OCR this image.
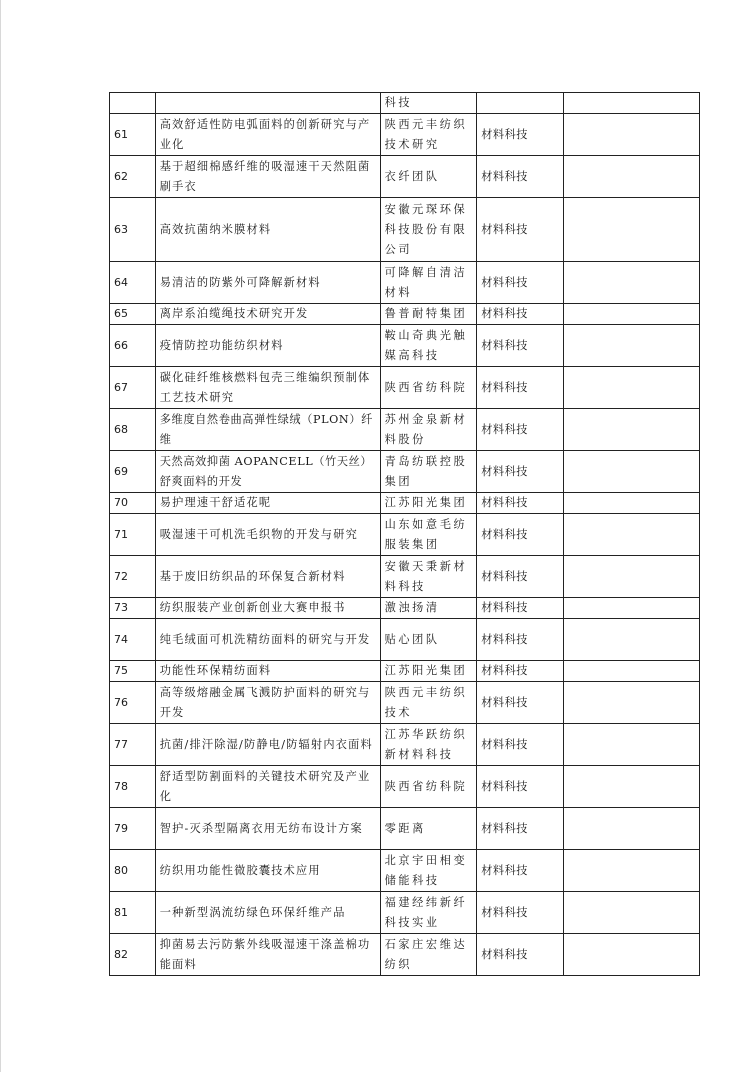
		科技		
61	高效舒适性防电弧面料的创新研究与产业化	陕西元丰纺织技术研究	材料科技	
62	基于超细棉感纤维的吸湿速干天然阻菌刷手衣	衣纤团队	材料科技	
63	高效抗菌纳米膜材料	安徽元琛环保科技股份有限公司	材料科技	
64	易清洁的防紫外可降解新材料	可降解自清洁材料	材料科技	
65	离岸系泊缆绳技术研究开发	鲁普耐特集团	材料科技	
66	疫情防控功能纺织材料	鞍山奇典光触媒高科技	材料科技	
67	碳化硅纤维核燃料包壳三维编织预制体工艺技术研究	陕西省纺科院	材料科技	
68	多维度自然卷曲高弹性绿绒（PLON）纤维	苏州金泉新材料股份	材料科技	
69	天然高效抑菌 AOPANCELL（竹天丝）舒爽面料的开发	青岛纺联控股集团	材料科技	
70	易护理速干舒适花呢	江苏阳光集团	材料科技	
71	吸湿速干可机洗毛织物的开发与研究	山东如意毛纺服装集团	材料科技	
72	基于废旧纺织品的环保复合新材料	安徽天秉新材料科技	材料科技	
73	纺织服装产业创新创业大赛申报书	激浊扬清	材料科技	
74	纯毛绒面可机洗精纺面料的研究与开发	贴心团队	材料科技	
75	功能性环保精纺面料	江苏阳光集团	材料科技	
76	高等级熔融金属飞溅防护面料的研究与开发	陕西元丰纺织技术	材料科技	
77	抗菌/排汗除湿/防静电/防辐射内衣面料	江苏华跃纺织新材料科技	材料科技	
78	舒适型防割面料的关键技术研究及产业化	陕西省纺科院	材料科技	
79	智护-灭杀型隔离衣用无纺布设计方案	零距离	材料科技	
80	纺织用功能性微胶囊技术应用	北京宇田相变储能科技	材料科技	
81	一种新型涡流纺绿色环保纤维产品	福建经纬新纤科技实业	材料科技	
82	抑菌易去污防紫外线吸湿速干涤盖棉功能面料	石家庄宏维达纺织	材料科技	
